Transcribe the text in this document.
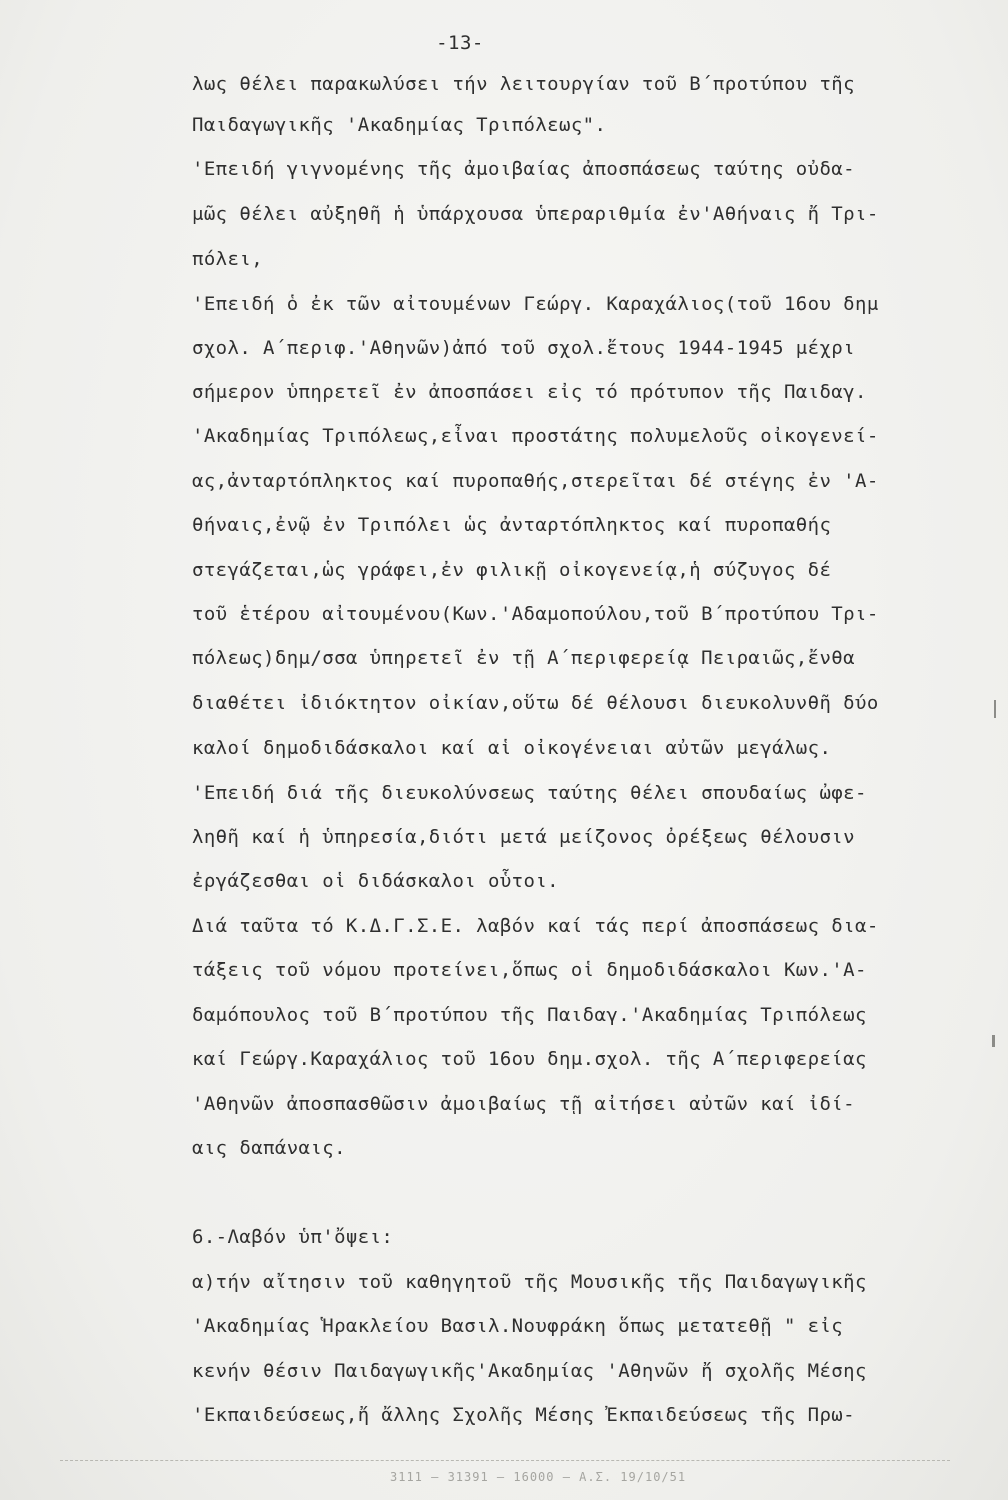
-13-
λως θέλει παρακωλύσει τήν λειτουργίαν τοῦ Β΄προτύπου τῆς
Παιδαγωγικῆς 'Ακαδημίας Τριπόλεως".
'Επειδή γιγνομένης τῆς ἀμοιβαίας ἀποσπάσεως ταύτης οὐδα-
μῶς θέλει αὐξηθῆ ἡ ὑπάρχουσα ὑπεραριθμία ἐν'Αθήναις ἤ Τρι-
πόλει,
'Επειδή ὁ ἐκ τῶν αἰτουμένων Γεώργ. Καραχάλιος(τοῦ 16ου δημ
σχολ. Α΄περιφ.'Αθηνῶν)ἀπό τοῦ σχολ.ἔτους 1944-1945 μέχρι
σήμερον ὑπηρετεῖ ἐν ἀποσπάσει εἰς τό πρότυπον τῆς Παιδαγ.
'Ακαδημίας Τριπόλεως,εἶναι προστάτης πολυμελοῦς οἰκογενεί-
ας,ἀνταρτόπληκτος καί πυροπαθής,στερεῖται δέ στέγης ἐν 'Α-
θήναις,ἐνῷ ἐν Τριπόλει ὡς ἀνταρτόπληκτος καί πυροπαθής
στεγάζεται,ὡς γράφει,ἐν φιλικῇ οἰκογενείᾳ,ἡ σύζυγος δέ
τοῦ ἑτέρου αἰτουμένου(Κων.'Αδαμοπούλου,τοῦ Β΄προτύπου Τρι-
πόλεως)δημ/σσα ὑπηρετεῖ ἐν τῇ Α΄περιφερείᾳ Πειραιῶς,ἔνθα
διαθέτει ἰδιόκτητον οἰκίαν,οὕτω δέ θέλουσι διευκολυνθῆ δύο
καλοί δημοδιδάσκαλοι καί αἱ οἰκογένειαι αὐτῶν μεγάλως.
'Επειδή διά τῆς διευκολύνσεως ταύτης θέλει σπουδαίως ὠφε-
ληθῆ καί ἡ ὑπηρεσία,διότι μετά μείζονος ὀρέξεως θέλουσιν
ἐργάζεσθαι οἱ διδάσκαλοι οὗτοι.
Διά ταῦτα τό Κ.Δ.Γ.Σ.Ε. λαβόν καί τάς περί ἀποσπάσεως δια-
τάξεις τοῦ νόμου προτείνει,ὅπως οἱ δημοδιδάσκαλοι Κων.'Α-
δαμόπουλος τοῦ Β΄προτύπου τῆς Παιδαγ.'Ακαδημίας Τριπόλεως
καί Γεώργ.Καραχάλιος τοῦ 16ου δημ.σχολ. τῆς Α΄περιφερείας
'Αθηνῶν ἀποσπασθῶσιν ἀμοιβαίως τῇ αἰτήσει αὐτῶν καί ἰδί-
αις δαπάναις.
6.-Λαβόν ὑπ'ὄψει:
α)τήν αἴτησιν τοῦ καθηγητοῦ τῆς Μουσικῆς τῆς Παιδαγωγικῆς
'Ακαδημίας Ἡρακλείου Βασιλ.Νουφράκη ὅπως μετατεθῇ " εἰς
κενήν θέσιν Παιδαγωγικῆς'Ακαδημίας 'Αθηνῶν ἤ σχολῆς Μέσης
'Εκπαιδεύσεως,ἤ ἄλλης Σχολῆς Μέσης Ἐκπαιδεύσεως τῆς Πρω-
3111 — 31391 — 16000 — Α.Σ. 19/10/51
